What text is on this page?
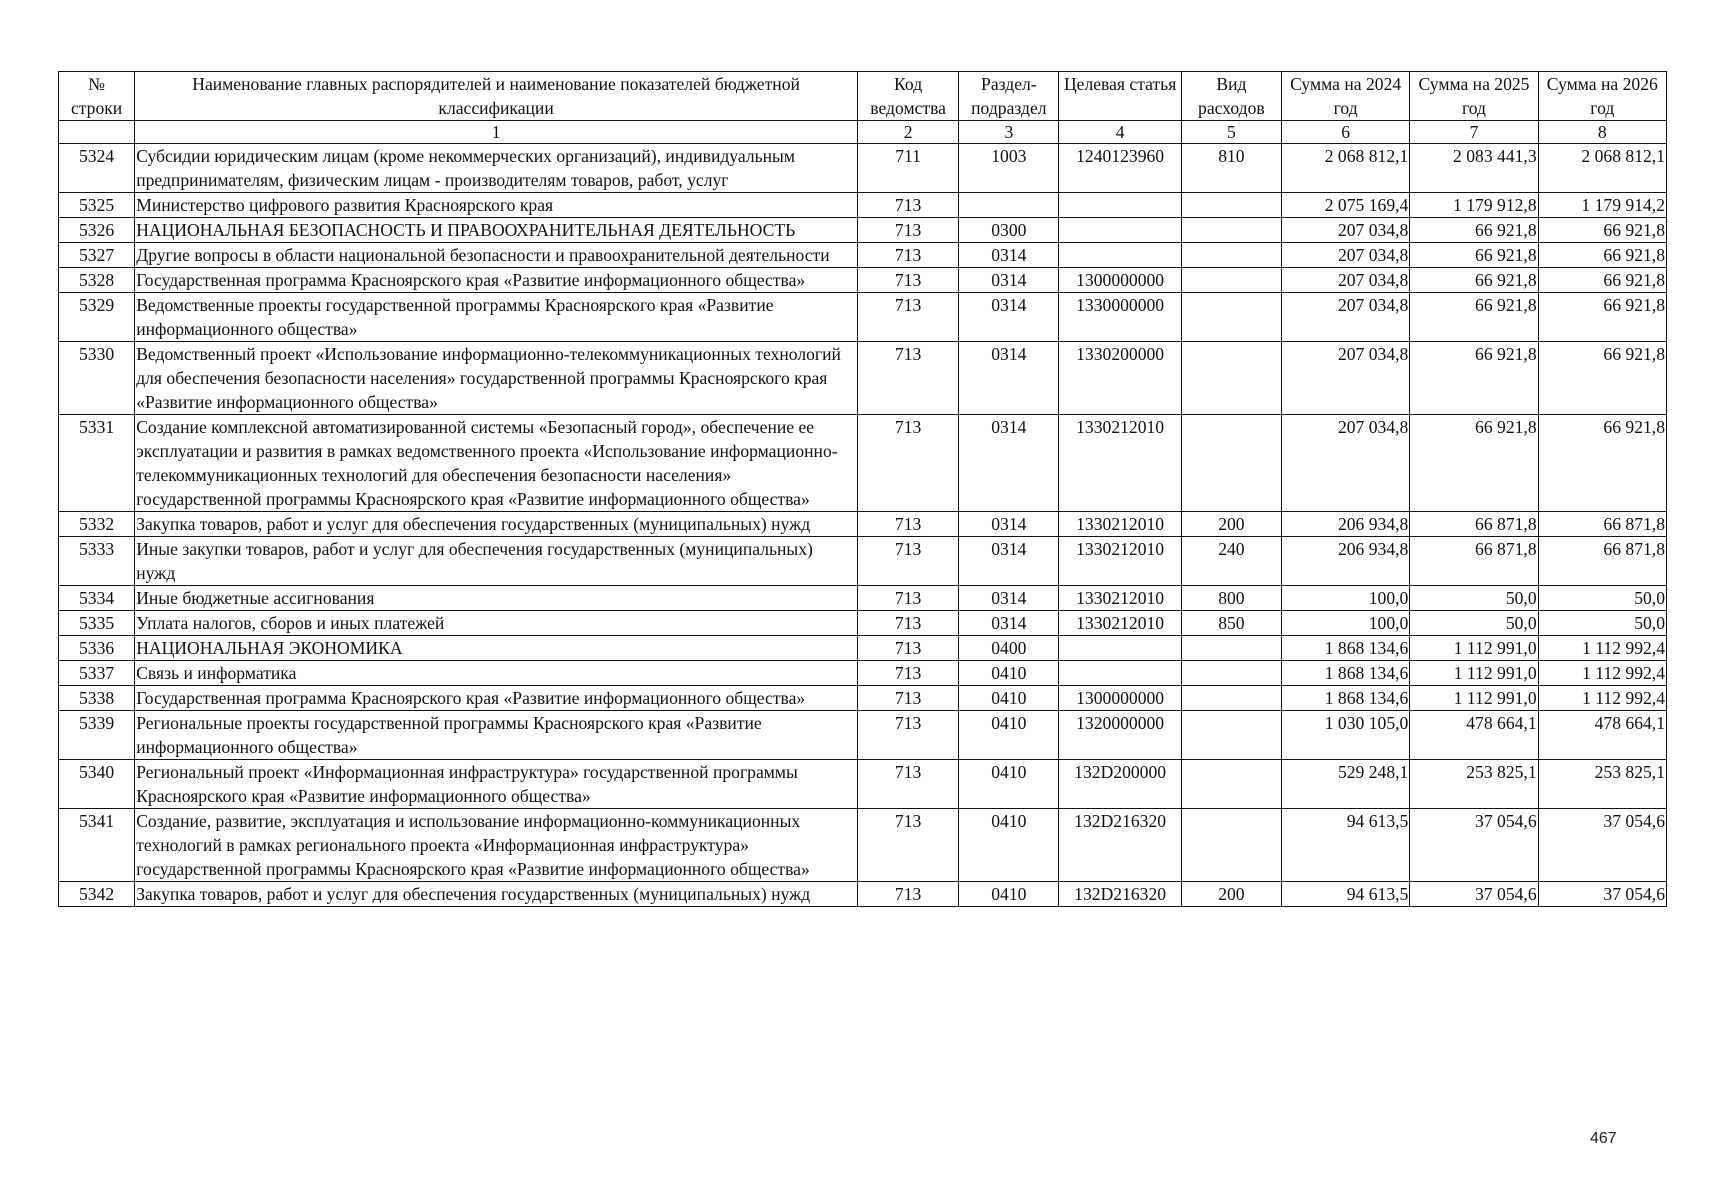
№ строки	Наименование главных распорядителей и наименование показателей бюджетной классификации	Код ведомства	Раздел-подраздел	Целевая статья	Вид расходов	Сумма на 2024 год	Сумма на 2025 год	Сумма на 2026 год
	1	2	3	4	5	6	7	8
5324	Субсидии юридическим лицам (кроме некоммерческих организаций), индивидуальным предпринимателям, физическим лицам - производителям товаров, работ, услуг	711	1003	1240123960	810	2 068 812,1	2 083 441,3	2 068 812,1
5325	Министерство цифрового развития Красноярского края	713				2 075 169,4	1 179 912,8	1 179 914,2
5326	НАЦИОНАЛЬНАЯ БЕЗОПАСНОСТЬ И ПРАВООХРАНИТЕЛЬНАЯ ДЕЯТЕЛЬНОСТЬ	713	0300			207 034,8	66 921,8	66 921,8
5327	Другие вопросы в области национальной безопасности и правоохранительной деятельности	713	0314			207 034,8	66 921,8	66 921,8
5328	Государственная программа Красноярского края «Развитие информационного общества»	713	0314	1300000000		207 034,8	66 921,8	66 921,8
5329	Ведомственные проекты государственной программы Красноярского края «Развитие информационного общества»	713	0314	1330000000		207 034,8	66 921,8	66 921,8
5330	Ведомственный проект «Использование информационно-телекоммуникационных технологий для обеспечения безопасности населения» государственной программы Красноярского края «Развитие информационного общества»	713	0314	1330200000		207 034,8	66 921,8	66 921,8
5331	Создание комплексной автоматизированной системы «Безопасный город», обеспечение ее эксплуатации и развития в рамках ведомственного проекта «Использование информационно-телекоммуникационных технологий для обеспечения безопасности населения» государственной программы Красноярского края «Развитие информационного общества»	713	0314	1330212010		207 034,8	66 921,8	66 921,8
5332	Закупка товаров, работ и услуг для обеспечения государственных (муниципальных) нужд	713	0314	1330212010	200	206 934,8	66 871,8	66 871,8
5333	Иные закупки товаров, работ и услуг для обеспечения государственных (муниципальных) нужд	713	0314	1330212010	240	206 934,8	66 871,8	66 871,8
5334	Иные бюджетные ассигнования	713	0314	1330212010	800	100,0	50,0	50,0
5335	Уплата налогов, сборов и иных платежей	713	0314	1330212010	850	100,0	50,0	50,0
5336	НАЦИОНАЛЬНАЯ ЭКОНОМИКА	713	0400			1 868 134,6	1 112 991,0	1 112 992,4
5337	Связь и информатика	713	0410			1 868 134,6	1 112 991,0	1 112 992,4
5338	Государственная программа Красноярского края «Развитие информационного общества»	713	0410	1300000000		1 868 134,6	1 112 991,0	1 112 992,4
5339	Региональные проекты государственной программы Красноярского края «Развитие информационного общества»	713	0410	1320000000		1 030 105,0	478 664,1	478 664,1
5340	Региональный проект «Информационная инфраструктура» государственной программы Красноярского края «Развитие информационного общества»	713	0410	132D200000		529 248,1	253 825,1	253 825,1
5341	Создание, развитие, эксплуатация и использование информационно-коммуникационных технологий в рамках регионального проекта «Информационная инфраструктура» государственной программы Красноярского края «Развитие информационного общества»	713	0410	132D216320		94 613,5	37 054,6	37 054,6
5342	Закупка товаров, работ и услуг для обеспечения государственных (муниципальных) нужд	713	0410	132D216320	200	94 613,5	37 054,6	37 054,6
467
